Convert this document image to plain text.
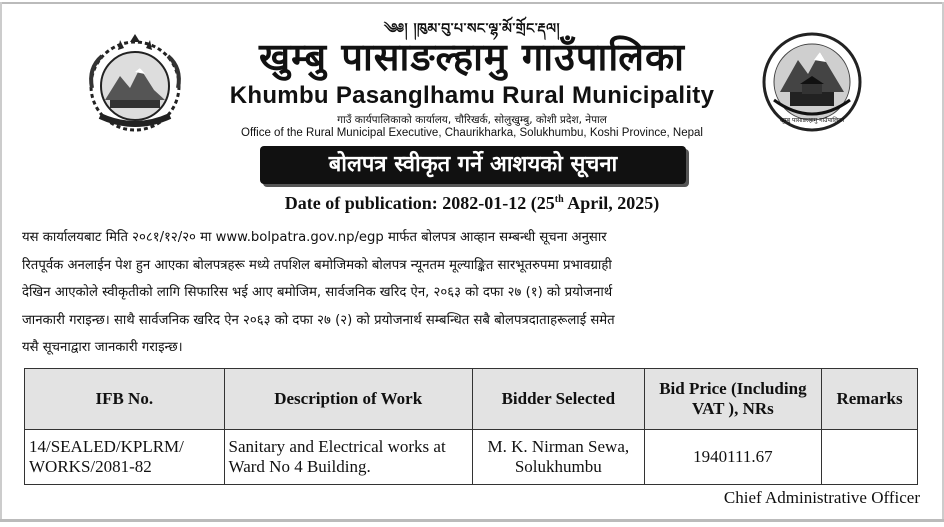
खुम्बु पासाङल्हामु गाउँपालिका
༄༅། །ཁུམ་བུ་པ་སང་ལྷ་མོ་གྲོང་རྡལ།
खुम्बु पासाङल्हामु गाउँपालिका
Khumbu Pasanglhamu Rural Municipality
गाउँ कार्यपालिकाको कार्यालय, चौरिखर्क, सोलुखुम्बु, कोशी प्रदेश, नेपाल
Office of the Rural Municipal Executive, Chaurikharka, Solukhumbu, Koshi Province, Nepal
बोलपत्र स्वीकृत गर्ने आशयको सूचना
Date of publication: 2082-01-12 (25th April, 2025)
यस कार्यालयबाट मिति २०८१/१२/२० मा www.bolpatra.gov.np/egp मार्फत बोलपत्र आव्हान सम्बन्धी सूचना अनुसार
रितपूर्वक अनलाईन पेश हुन आएका बोलपत्रहरू मध्ये तपशिल बमोजिमको बोलपत्र न्यूनतम मूल्याङ्कित सारभूतरुपमा प्रभावग्राही
देखिन आएकोले स्वीकृतीको लागि सिफारिस भई आए बमोजिम, सार्वजनिक खरिद ऐन, २०६३ को दफा २७ (१) को प्रयोजनार्थ
जानकारी गराइन्छ। साथै सार्वजनिक खरिद ऐन २०६३ को दफा २७ (२) को प्रयोजनार्थ सम्बन्धित सबै बोलपत्रदाताहरूलाई समेत
यसै सूचनाद्वारा जानकारी गराइन्छ।
IFB No.	Description of Work	Bidder Selected	Bid Price (Including VAT ), NRs	Remarks
14/SEALED/KPLRM/ WORKS/2081-82	Sanitary and Electrical works at Ward No 4 Building.	M. K. Nirman Sewa, Solukhumbu	1940111.67	
Chief Administrative Officer
